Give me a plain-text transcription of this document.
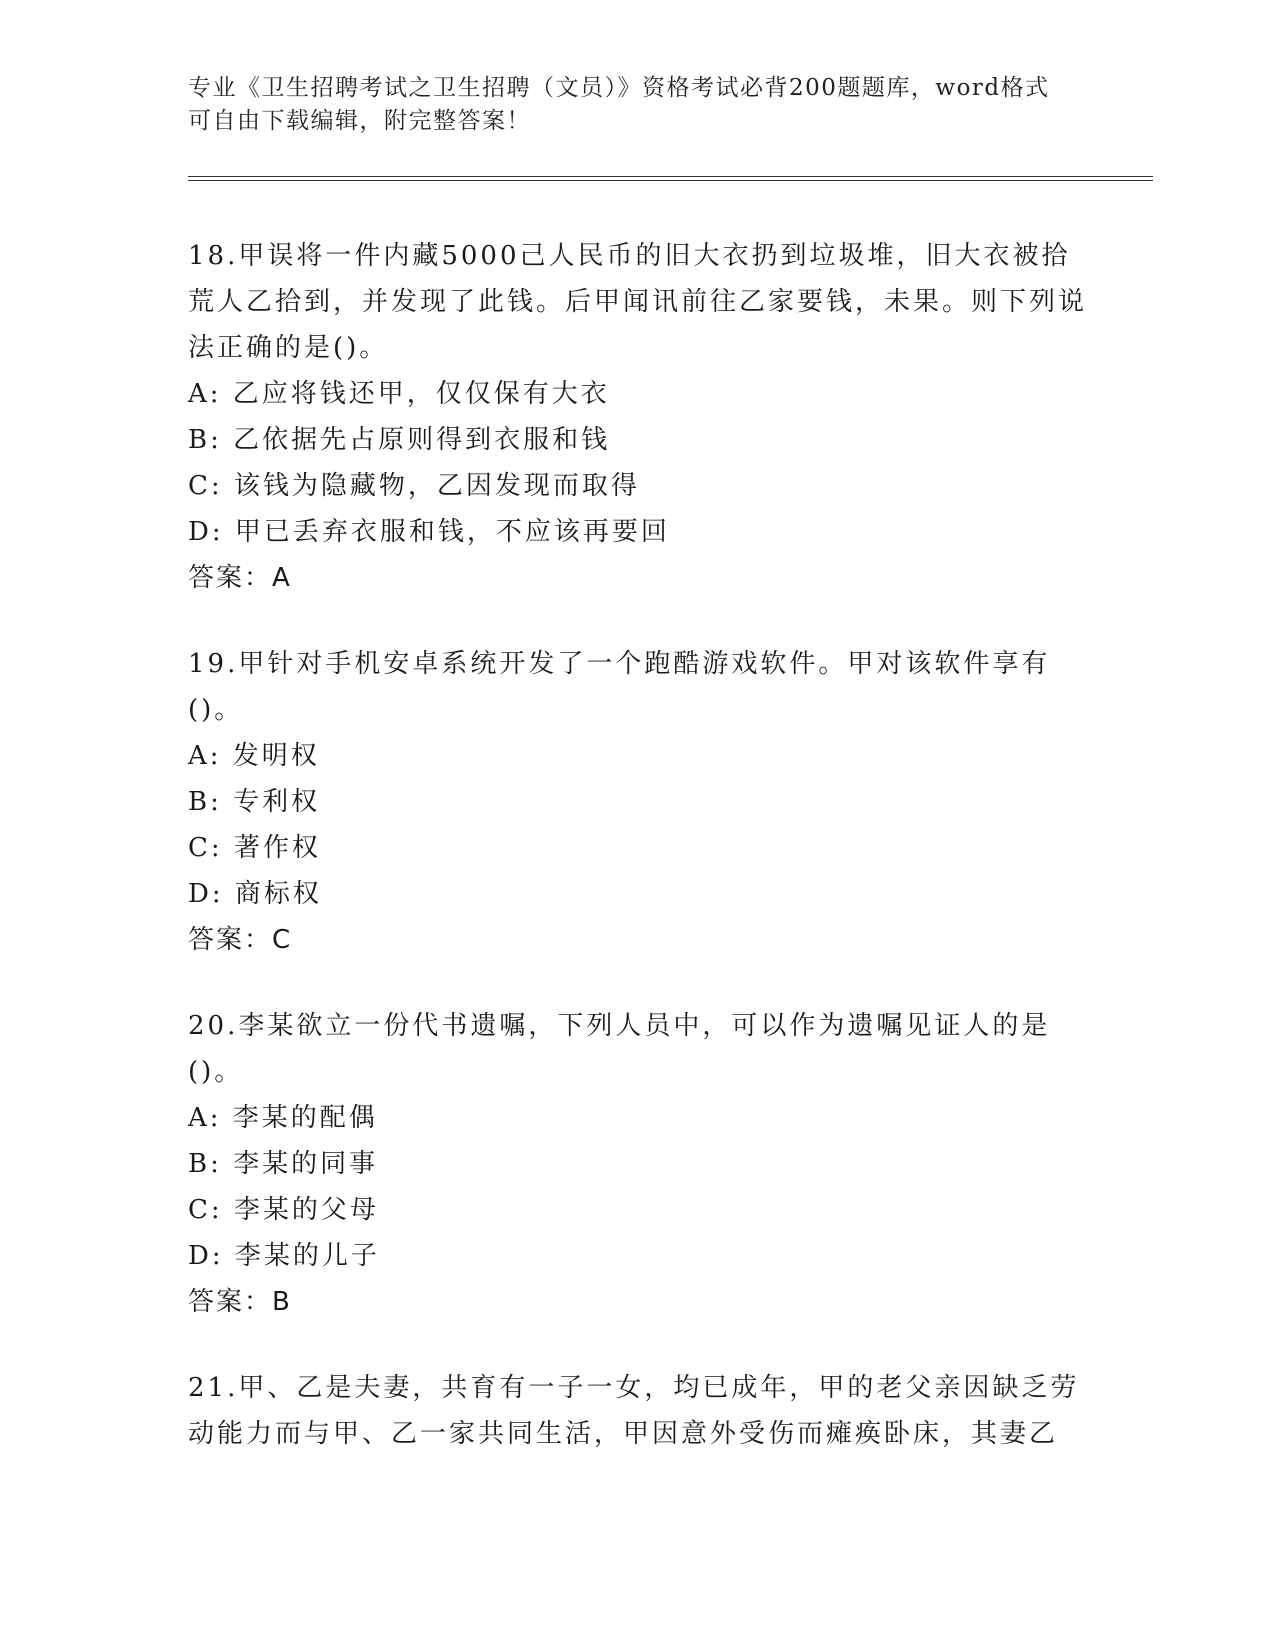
专业《卫生招聘考试之卫生招聘（文员）》资格考试必背200题题库，word格式
可自由下载编辑，附完整答案！

18.甲误将一件内藏5000己人民币的旧大衣扔到垃圾堆，旧大衣被拾荒人乙拾到，并发现了此钱。后甲闻讯前往乙家要钱，未果。则下列说法正确的是()。

A: 乙应将钱还甲，仅仅保有大衣

B: 乙依据先占原则得到衣服和钱

C: 该钱为隐藏物，乙因发现而取得

D: 甲已丢弃衣服和钱，不应该再要回

答案：A

19.甲针对手机安卓系统开发了一个跑酷游戏软件。甲对该软件享有()。

A: 发明权

B: 专利权

C: 著作权

D: 商标权

答案：C

20.李某欲立一份代书遗嘱，下列人员中，可以作为遗嘱见证人的是()。

A: 李某的配偶

B: 李某的同事

C: 李某的父母

D: 李某的儿子

答案：B

21.甲、乙是夫妻，共育有一子一女，均已成年，甲的老父亲因缺乏劳动能力而与甲、乙一家共同生活，甲因意外受伤而瘫痪卧床，其妻乙
